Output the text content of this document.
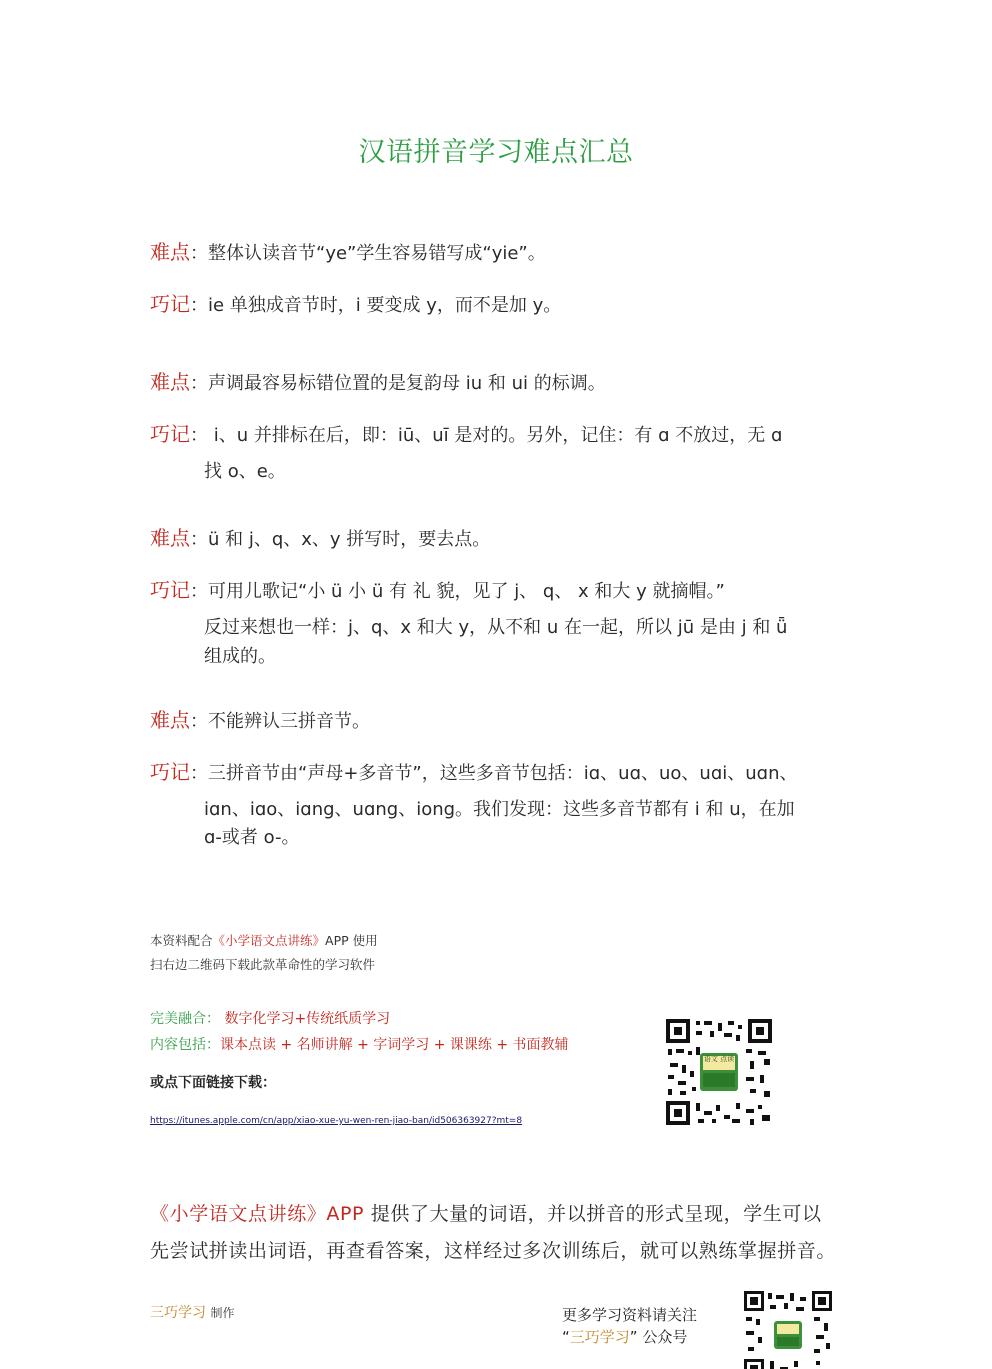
汉语拼音学习难点汇总
难点：整体认读音节“ye”学生容易错写成“yie”。
巧记：ie 单独成音节时，i 要变成 y，而不是加 y。
难点：声调最容易标错位置的是复韵母 iu 和 ui 的标调。
巧记： i、u 并排标在后，即：iū、uī 是对的。另外，记住：有 ɑ 不放过，无 ɑ
找 o、e。
难点：ü 和 j、q、x、y 拼写时，要去点。
巧记：可用儿歌记“小 ü 小 ü 有 礼 貌，见了 j、 q、 x 和大 y 就摘帽。”
反过来想也一样：j、q、x 和大 y，从不和 u 在一起，所以 jū 是由 j 和 ǖ
组成的。
难点：不能辨认三拼音节。
巧记：三拼音节由“声母+多音节”，这些多音节包括：iɑ、uɑ、uo、uɑi、uɑn、
iɑn、iɑo、iɑng、uɑng、iong。我们发现：这些多音节都有 i 和 u，在加
ɑ-或者 o-。
本资料配合《小学语文点讲练》APP 使用
扫右边二维码下载此款革命性的学习软件
完美融合： 数字化学习+传统纸质学习
内容包括：课本点读 + 名师讲解 + 字词学习 + 课课练 + 书面教辅
或点下面链接下载：
https://itunes.apple.com/cn/app/xiao-xue-yu-wen-ren-jiao-ban/id506363927?mt=8
语文 点读
《小学语文点讲练》APP 提供了大量的词语，并以拼音的形式呈现，学生可以
先尝试拼读出词语，再查看答案，这样经过多次训练后，就可以熟练掌握拼音。
三巧学习 制作	更多学习资料请关注
“三巧学习” 公众号
